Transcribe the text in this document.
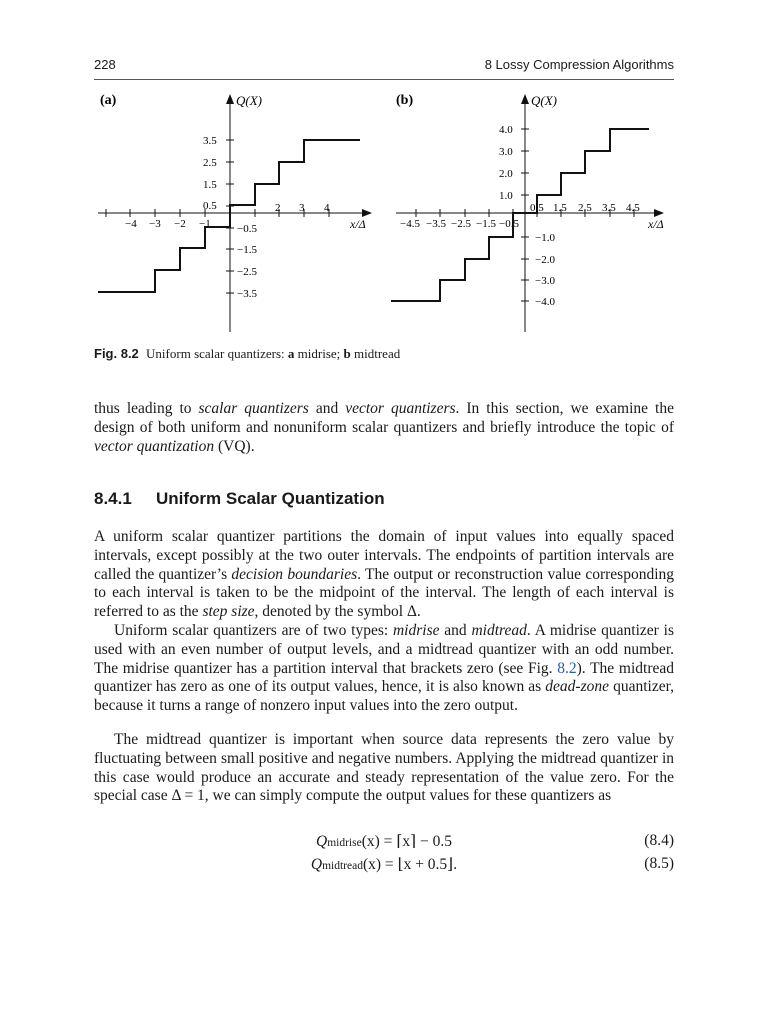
228	8 Lossy Compression Algorithms
(a)	Q(X)
x/Δ
−4 −3 −2 −1
2 3 4
3.5
2.5
1.5
0.5
−0.5
−1.5
−2.5
−3.5
(b)	Q(X)
x/Δ
0.5 1.5 2.5 3.5 4.5
−4.5 −3.5 −2.5 −1.5 −0.5
4.0
3.0
2.0
1.0
−1.0
−2.0
−3.0
−4.0
Fig. 8.2 Uniform scalar quantizers: a midrise; b midtread

thus leading to scalar quantizers and vector quantizers. In this section, we examine the design of both uniform and nonuniform scalar quantizers and briefly introduce the topic of vector quantization (VQ).

8.4.1 Uniform Scalar Quantization

A uniform scalar quantizer partitions the domain of input values into equally spaced intervals, except possibly at the two outer intervals. The endpoints of partition intervals are called the quantizer’s decision boundaries. The output or reconstruction value corresponding to each interval is taken to be the midpoint of the interval. The length of each interval is referred to as the step size, denoted by the symbol Δ.

Uniform scalar quantizers are of two types: midrise and midtread. A midrise quantizer is used with an even number of output levels, and a midtread quantizer with an odd number. The midrise quantizer has a partition interval that brackets zero (see Fig. 8.2). The midtread quantizer has zero as one of its output values, hence, it is also known as dead-zone quantizer, because it turns a range of nonzero input values into the zero output.

The midtread quantizer is important when source data represents the zero value by fluctuating between small positive and negative numbers. Applying the midtread quantizer in this case would produce an accurate and steady representation of the value zero. For the special case Δ = 1, we can simply compute the output values for these quantizers as

Qmidrise(x) = ⌈x⌉ − 0.5	(8.4)
Qmidtread(x) = ⌊x + 0.5⌋.	(8.5)
